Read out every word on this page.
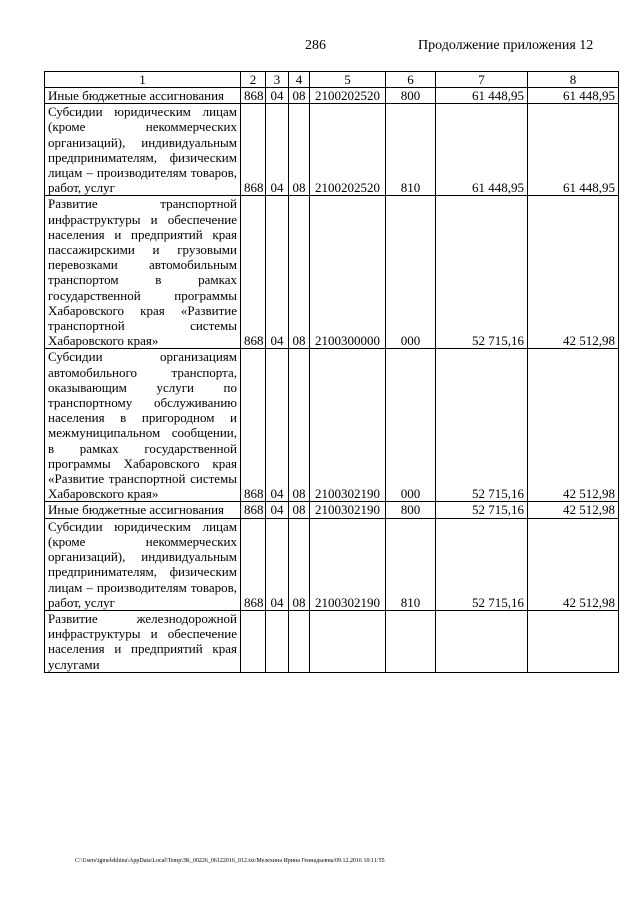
286	Продолжение приложения 12
1	2	3	4	5	6	7	8
Иные бюджетные ассигнования	868	04	08	2100202520	800	61 448,95	61 448,95
Субсидии юридическим лицам (кроме некоммерческих организаций), индивидуальным предпринимателям, физическим лицам – производителям товаров, работ, услуг	868	04	08	2100202520	810	61 448,95	61 448,95
Развитие транспортной инфраструктуры и обеспечение населения и предприятий края пассажирскими и грузовыми перевозками автомобильным транспортом в рамках государственной программы Хабаровского края «Развитие транспортной системы Хабаровского края»	868	04	08	2100300000	000	52 715,16	42 512,98
Субсидии организациям автомобильного транспорта, оказывающим услуги по транспортному обслуживанию населения в пригородном и межмуниципальном сообщении, в рамках государственной программы Хабаровского края «Развитие транспортной системы Хабаровского края»	868	04	08	2100302190	000	52 715,16	42 512,98
Иные бюджетные ассигнования	868	04	08	2100302190	800	52 715,16	42 512,98
Субсидии юридическим лицам (кроме некоммерческих организаций), индивидуальным предпринимателям, физическим лицам – производителям товаров, работ, услуг	868	04	08	2100302190	810	52 715,16	42 512,98
Развитие железнодорожной инфраструктуры и обеспечение населения и предприятий края услугами							
C:\Users\igmelekhina\AppData\Local\Temp\ЗК_00226_06122016_012.txt/Мелехина Ирина Геннадьевна/09.12.2016 10:11:55
